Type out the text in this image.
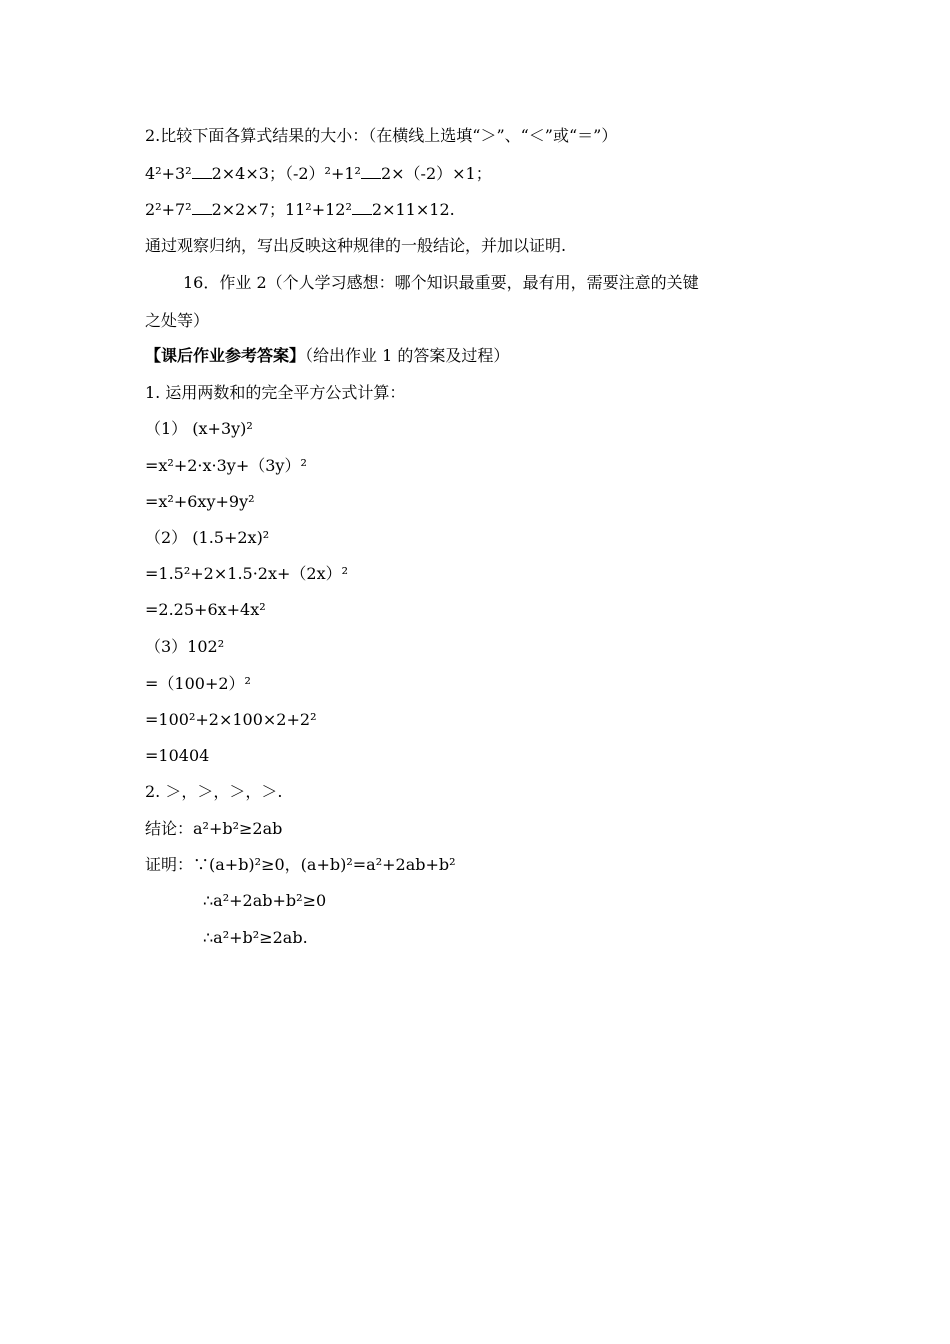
2.比较下面各算式结果的大小：（在横线上选填“＞”、“＜”或“＝”）
4²+3² 2×4×3；（-2）²+1² 2×（-2）×1；
2²+7² 2×2×7；11²+12² 2×11×12.
通过观察归纳，写出反映这种规律的一般结论，并加以证明.
16．作业 2（个人学习感想：哪个知识最重要，最有用，需要注意的关键
之处等）
【课后作业参考答案】（给出作业 1 的答案及过程）
1. 运用两数和的完全平方公式计算：
（1） (x+3y)²
=x²+2·x·3y+（3y）²
=x²+6xy+9y²
（2） (1.5+2x)²
=1.5²+2×1.5·2x+（2x）²
=2.25+6x+4x²
（3）102²
=（100+2）²
=100²+2×100×2+2²
=10404
2. ＞，＞，＞，＞.
结论：a²+b²≥2ab
证明：∵(a+b)²≥0，(a+b)²=a²+2ab+b²
∴a²+2ab+b²≥0
∴a²+b²≥2ab.
